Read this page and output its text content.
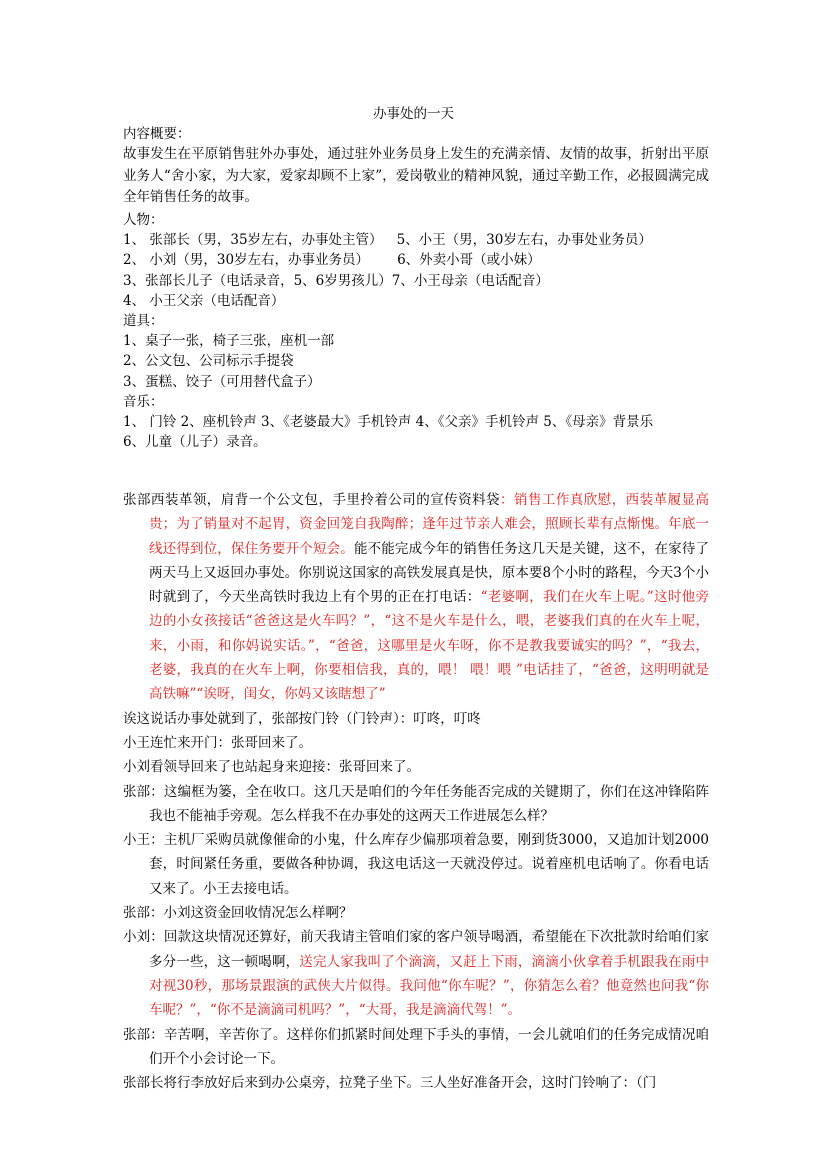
办事处的一天
内容概要：
故事发生在平原销售驻外办事处，通过驻外业务员身上发生的充满亲情、友情的故事，折射出平原业务人“舍小家，为大家，爱家却顾不上家”，爱岗敬业的精神风貌，通过辛勤工作，必报圆满完成全年销售任务的故事。
人物：
1、 张部长（男，35岁左右，办事处主管） 5、小王（男，30岁左右，办事处业务员）
2、 小刘（男，30岁左右，办事业务员） 6、外卖小哥（或小妹）
3、张部长儿子（电话录音，5、6岁男孩儿）7、小王母亲（电话配音）
4、 小王父亲（电话配音）
道具：
1、桌子一张，椅子三张，座机一部
2、公文包、公司标示手提袋
3、蛋糕、饺子（可用替代盒子）
音乐：
1、 门铃 2、座机铃声 3、《老婆最大》手机铃声 4、《父亲》手机铃声 5、《母亲》背景乐
6、儿童（儿子）录音。

张部西装革领，肩背一个公文包，手里拎着公司的宣传资料袋：销售工作真欣慰，西装革履显高贵；为了销量对不起胃，资金回笼自我陶醉；逢年过节亲人难会，照顾长辈有点惭愧。年底一线还得到位，保住务要开个短会。能不能完成今年的销售任务这几天是关键，这不，在家待了两天马上又返回办事处。你别说这国家的高铁发展真是快，原本要8个小时的路程，今天3个小时就到了，今天坐高铁时我边上有个男的正在打电话：“老婆啊，我们在火车上呢。”这时他旁边的小女孩接话“爸爸这是火车吗？”，“这不是火车是什么，喂，老婆我们真的在火车上呢，来，小雨，和你妈说实话。”，“爸爸，这哪里是火车呀，你不是教我要诚实的吗？”，“我去，老婆，我真的在火车上啊，你要相信我，真的，喂！ 喂！喂 ”电话挂了，“爸爸，这明明就是高铁嘛”“诶呀，闺女，你妈又该瞎想了”

诶这说话办事处就到了，张部按门铃（门铃声）：叮咚，叮咚

小王连忙来开门：张哥回来了。

小刘看领导回来了也站起身来迎接：张哥回来了。

张部：这编框为篓，全在收口。这几天是咱们的今年任务能否完成的关键期了，你们在这冲锋陷阵我也不能袖手旁观。怎么样我不在办事处的这两天工作进展怎么样？

小王：主机厂采购员就像催命的小鬼，什么库存少偏那项着急要，刚到货3000，又追加计划2000套，时间紧任务重，要做各种协调，我这电话这一天就没停过。说着座机电话响了。你看电话又来了。小王去接电话。

张部：小刘这资金回收情况怎么样啊？

小刘：回款这块情况还算好，前天我请主管咱们家的客户领导喝酒，希望能在下次批款时给咱们家多分一些，这一顿喝啊，送完人家我叫了个滴滴，又赶上下雨，滴滴小伙拿着手机跟我在雨中对视30秒，那场景跟演的武侠大片似得。我问他“你车呢？”，你猜怎么着？他竟然也问我“你车呢？”，“你不是滴滴司机吗？”，“大哥，我是滴滴代驾！”。

张部：辛苦啊，辛苦你了。这样你们抓紧时间处理下手头的事情，一会儿就咱们的任务完成情况咱们开个小会讨论一下。

张部长将行李放好后来到办公桌旁，拉凳子坐下。三人坐好准备开会，这时门铃响了：（门
